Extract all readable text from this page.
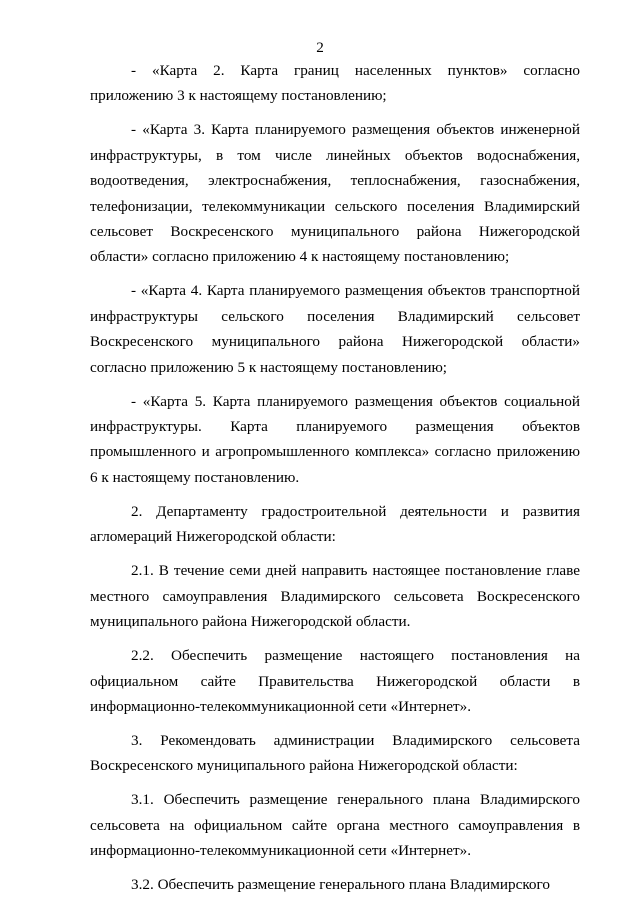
2

- «Карта 2. Карта границ населенных пунктов» согласно приложению 3 к настоящему постановлению;

- «Карта 3. Карта планируемого размещения объектов инженерной инфраструктуры, в том числе линейных объектов водоснабжения, водоотведения, электроснабжения, теплоснабжения, газоснабжения, телефонизации, телекоммуникации сельского поселения Владимирский сельсовет Воскресенского муниципального района Нижегородской области» согласно приложению 4 к настоящему постановлению;

- «Карта 4. Карта планируемого размещения объектов транспортной инфраструктуры сельского поселения Владимирский сельсовет Воскресенского муниципального района Нижегородской области» согласно приложению 5 к настоящему постановлению;

- «Карта 5. Карта планируемого размещения объектов социальной инфраструктуры. Карта планируемого размещения объектов промышленного и агропромышленного комплекса» согласно приложению 6 к настоящему постановлению.

2. Департаменту градостроительной деятельности и развития агломераций Нижегородской области:

2.1. В течение семи дней направить настоящее постановление главе местного самоуправления Владимирского сельсовета Воскресенского муниципального района Нижегородской области.

2.2. Обеспечить размещение настоящего постановления на официальном сайте Правительства Нижегородской области в информационно-телекоммуникационной сети «Интернет».

3. Рекомендовать администрации Владимирского сельсовета Воскресенского муниципального района Нижегородской области:

3.1. Обеспечить размещение генерального плана Владимирского сельсовета на официальном сайте органа местного самоуправления в информационно-телекоммуникационной сети «Интернет».

3.2. Обеспечить размещение генерального плана Владимирского
